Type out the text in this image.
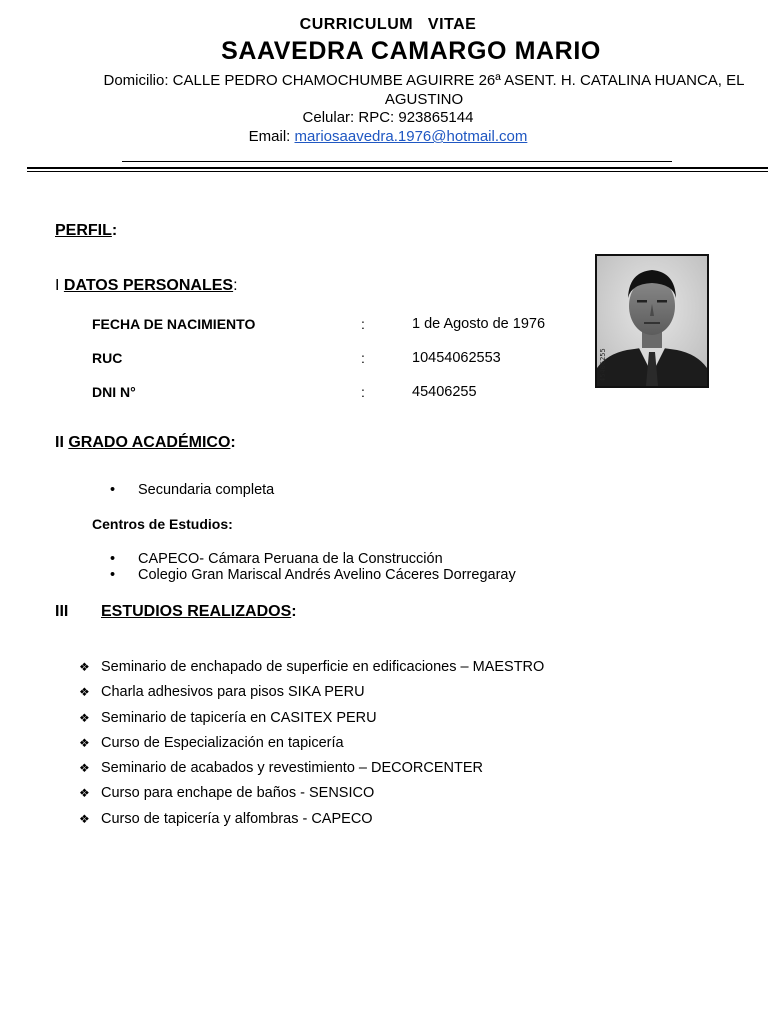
CURRICULUM   VITAE
SAAVEDRA CAMARGO MARIO
Domicilio: CALLE PEDRO CHAMOCHUMBE AGUIRRE 26ª ASENT. H. CATALINA HUANCA, EL AGUSTINO
Celular: RPC: 923865144
Email: mariosaavedra.1976@hotmail.com
PERFIL:
I DATOS PERSONALES:
FECHA DE NACIMIENTO	:	1 de Agosto de 1976
RUC	:	10454062553
DNI N°	:	45406255
45406255
II GRADO ACADÉMICO:
• Secundaria completa
Centros de Estudios:
• CAPECO- Cámara Peruana de la Construcción
• Colegio Gran Mariscal Andrés Avelino Cáceres Dorregaray
III ESTUDIOS REALIZADOS:
❖ Seminario de enchapado de superficie en edificaciones – MAESTRO
❖ Charla adhesivos para pisos SIKA PERU
❖ Seminario de tapicería en CASITEX PERU
❖ Curso de Especialización en tapicería
❖ Seminario de acabados y revestimiento – DECORCENTER
❖ Curso para enchape de baños - SENSICO
❖ Curso de tapicería y alfombras - CAPECO
